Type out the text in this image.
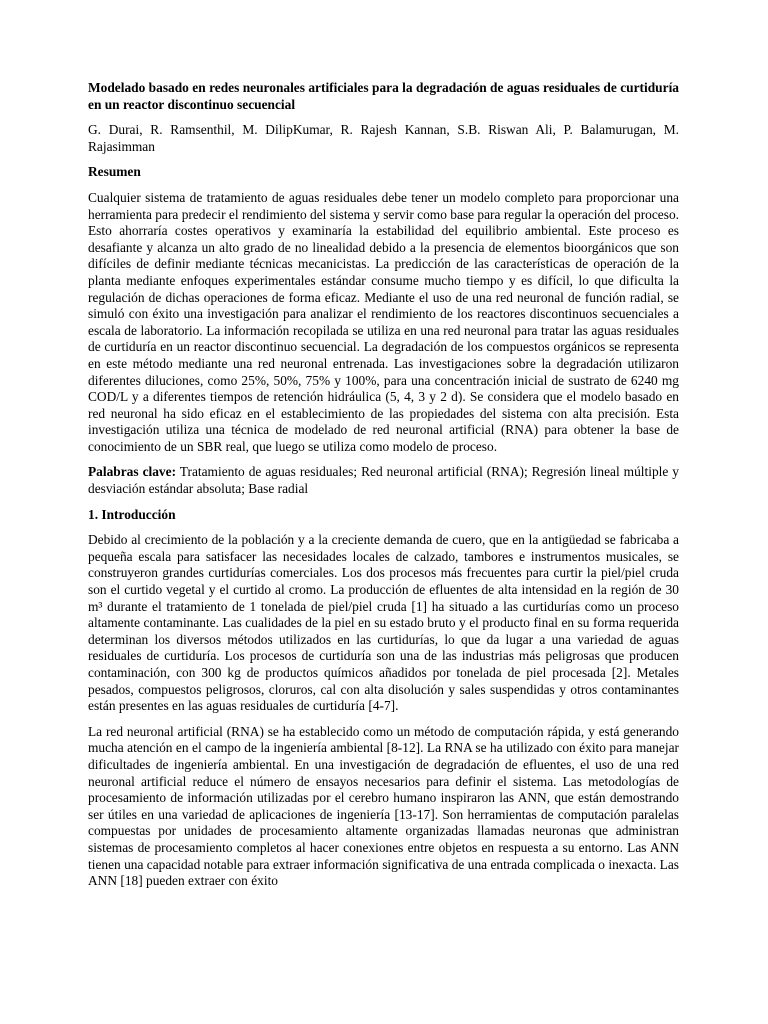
Modelado basado en redes neuronales artificiales para la degradación de aguas residuales de curtiduría en un reactor discontinuo secuencial

G. Durai, R. Ramsenthil, M. DilipKumar, R. Rajesh Kannan, S.B. Riswan Ali, P. Balamurugan, M. Rajasimman

Resumen

Cualquier sistema de tratamiento de aguas residuales debe tener un modelo completo para proporcionar una herramienta para predecir el rendimiento del sistema y servir como base para regular la operación del proceso. Esto ahorraría costes operativos y examinaría la estabilidad del equilibrio ambiental. Este proceso es desafiante y alcanza un alto grado de no linealidad debido a la presencia de elementos bioorgánicos que son difíciles de definir mediante técnicas mecanicistas. La predicción de las características de operación de la planta mediante enfoques experimentales estándar consume mucho tiempo y es difícil, lo que dificulta la regulación de dichas operaciones de forma eficaz. Mediante el uso de una red neuronal de función radial, se simuló con éxito una investigación para analizar el rendimiento de los reactores discontinuos secuenciales a escala de laboratorio. La información recopilada se utiliza en una red neuronal para tratar las aguas residuales de curtiduría en un reactor discontinuo secuencial. La degradación de los compuestos orgánicos se representa en este método mediante una red neuronal entrenada. Las investigaciones sobre la degradación utilizaron diferentes diluciones, como 25%, 50%, 75% y 100%, para una concentración inicial de sustrato de 6240 mg COD/L y a diferentes tiempos de retención hidráulica (5, 4, 3 y 2 d). Se considera que el modelo basado en red neuronal ha sido eficaz en el establecimiento de las propiedades del sistema con alta precisión. Esta investigación utiliza una técnica de modelado de red neuronal artificial (RNA) para obtener la base de conocimiento de un SBR real, que luego se utiliza como modelo de proceso.

Palabras clave: Tratamiento de aguas residuales; Red neuronal artificial (RNA); Regresión lineal múltiple y desviación estándar absoluta; Base radial

1. Introducción

Debido al crecimiento de la población y a la creciente demanda de cuero, que en la antigüedad se fabricaba a pequeña escala para satisfacer las necesidades locales de calzado, tambores e instrumentos musicales, se construyeron grandes curtidurías comerciales. Los dos procesos más frecuentes para curtir la piel/piel cruda son el curtido vegetal y el curtido al cromo. La producción de efluentes de alta intensidad en la región de 30 m³ durante el tratamiento de 1 tonelada de piel/piel cruda [1] ha situado a las curtidurías como un proceso altamente contaminante. Las cualidades de la piel en su estado bruto y el producto final en su forma requerida determinan los diversos métodos utilizados en las curtidurías, lo que da lugar a una variedad de aguas residuales de curtiduría. Los procesos de curtiduría son una de las industrias más peligrosas que producen contaminación, con 300 kg de productos químicos añadidos por tonelada de piel procesada [2]. Metales pesados, compuestos peligrosos, cloruros, cal con alta disolución y sales suspendidas y otros contaminantes están presentes en las aguas residuales de curtiduría [4-7].

La red neuronal artificial (RNA) se ha establecido como un método de computación rápida, y está generando mucha atención en el campo de la ingeniería ambiental [8-12]. La RNA se ha utilizado con éxito para manejar dificultades de ingeniería ambiental. En una investigación de degradación de efluentes, el uso de una red neuronal artificial reduce el número de ensayos necesarios para definir el sistema. Las metodologías de procesamiento de información utilizadas por el cerebro humano inspiraron las ANN, que están demostrando ser útiles en una variedad de aplicaciones de ingeniería [13-17]. Son herramientas de computación paralelas compuestas por unidades de procesamiento altamente organizadas llamadas neuronas que administran sistemas de procesamiento completos al hacer conexiones entre objetos en respuesta a su entorno. Las ANN tienen una capacidad notable para extraer información significativa de una entrada complicada o inexacta. Las ANN [18] pueden extraer con éxito
